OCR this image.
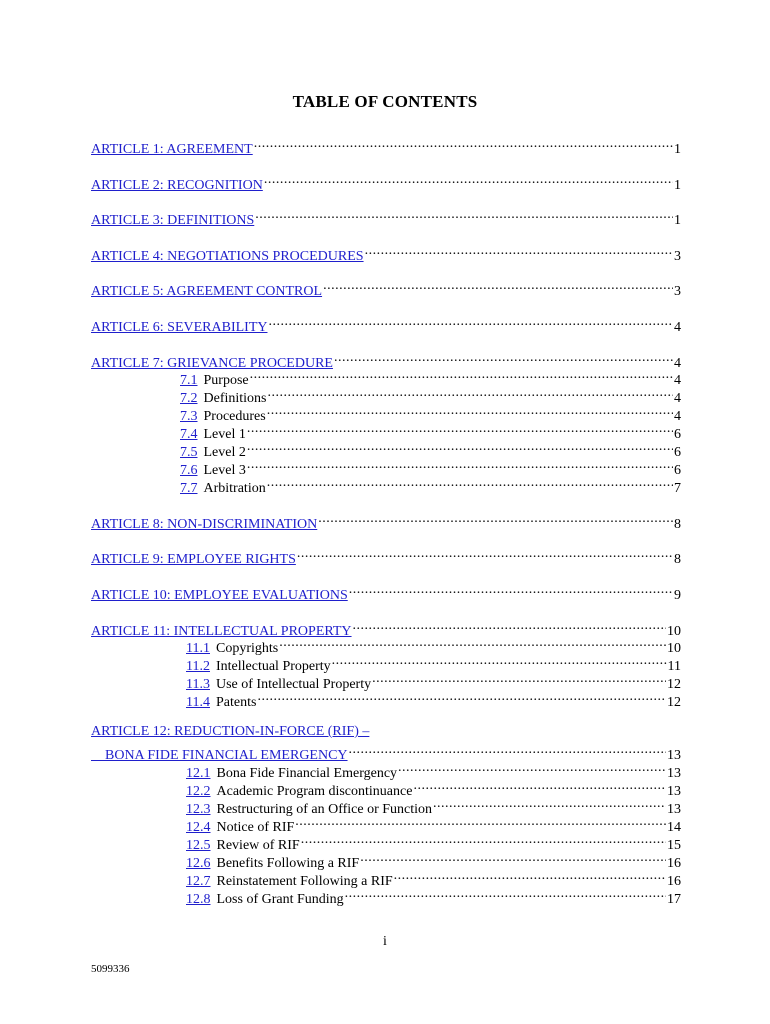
TABLE OF CONTENTS
ARTICLE 1: AGREEMENT .....	1
ARTICLE 2: RECOGNITION .....	1
ARTICLE 3: DEFINITIONS .....	1
ARTICLE 4: NEGOTIATIONS PROCEDURES .....	3
ARTICLE 5: AGREEMENT CONTROL .....	3
ARTICLE 6: SEVERABILITY .....	4
ARTICLE 7: GRIEVANCE PROCEDURE .....	4
7.1 Purpose .....	4
7.2 Definitions .....	4
7.3 Procedures .....	4
7.4 Level 1 .....	6
7.5 Level 2 .....	6
7.6 Level 3 .....	6
7.7 Arbitration .....	7
ARTICLE 8: NON-DISCRIMINATION .....	8
ARTICLE 9: EMPLOYEE RIGHTS .....	8
ARTICLE 10: EMPLOYEE EVALUATIONS .....	9
ARTICLE 11: INTELLECTUAL PROPERTY .....	10
11.1 Copyrights .....	10
11.2 Intellectual Property .....	11
11.3 Use of Intellectual Property .....	12
11.4 Patents .....	12
ARTICLE 12: REDUCTION-IN-FORCE (RIF) –
BONA FIDE FINANCIAL EMERGENCY .....	13
12.1 Bona Fide Financial Emergency .....	13
12.2 Academic Program discontinuance .....	13
12.3 Restructuring of an Office or Function .....	13
12.4 Notice of RIF .....	14
12.5 Review of RIF .....	15
12.6 Benefits Following a RIF .....	16
12.7 Reinstatement Following a RIF .....	16
12.8 Loss of Grant Funding .....	17
i
5099336
